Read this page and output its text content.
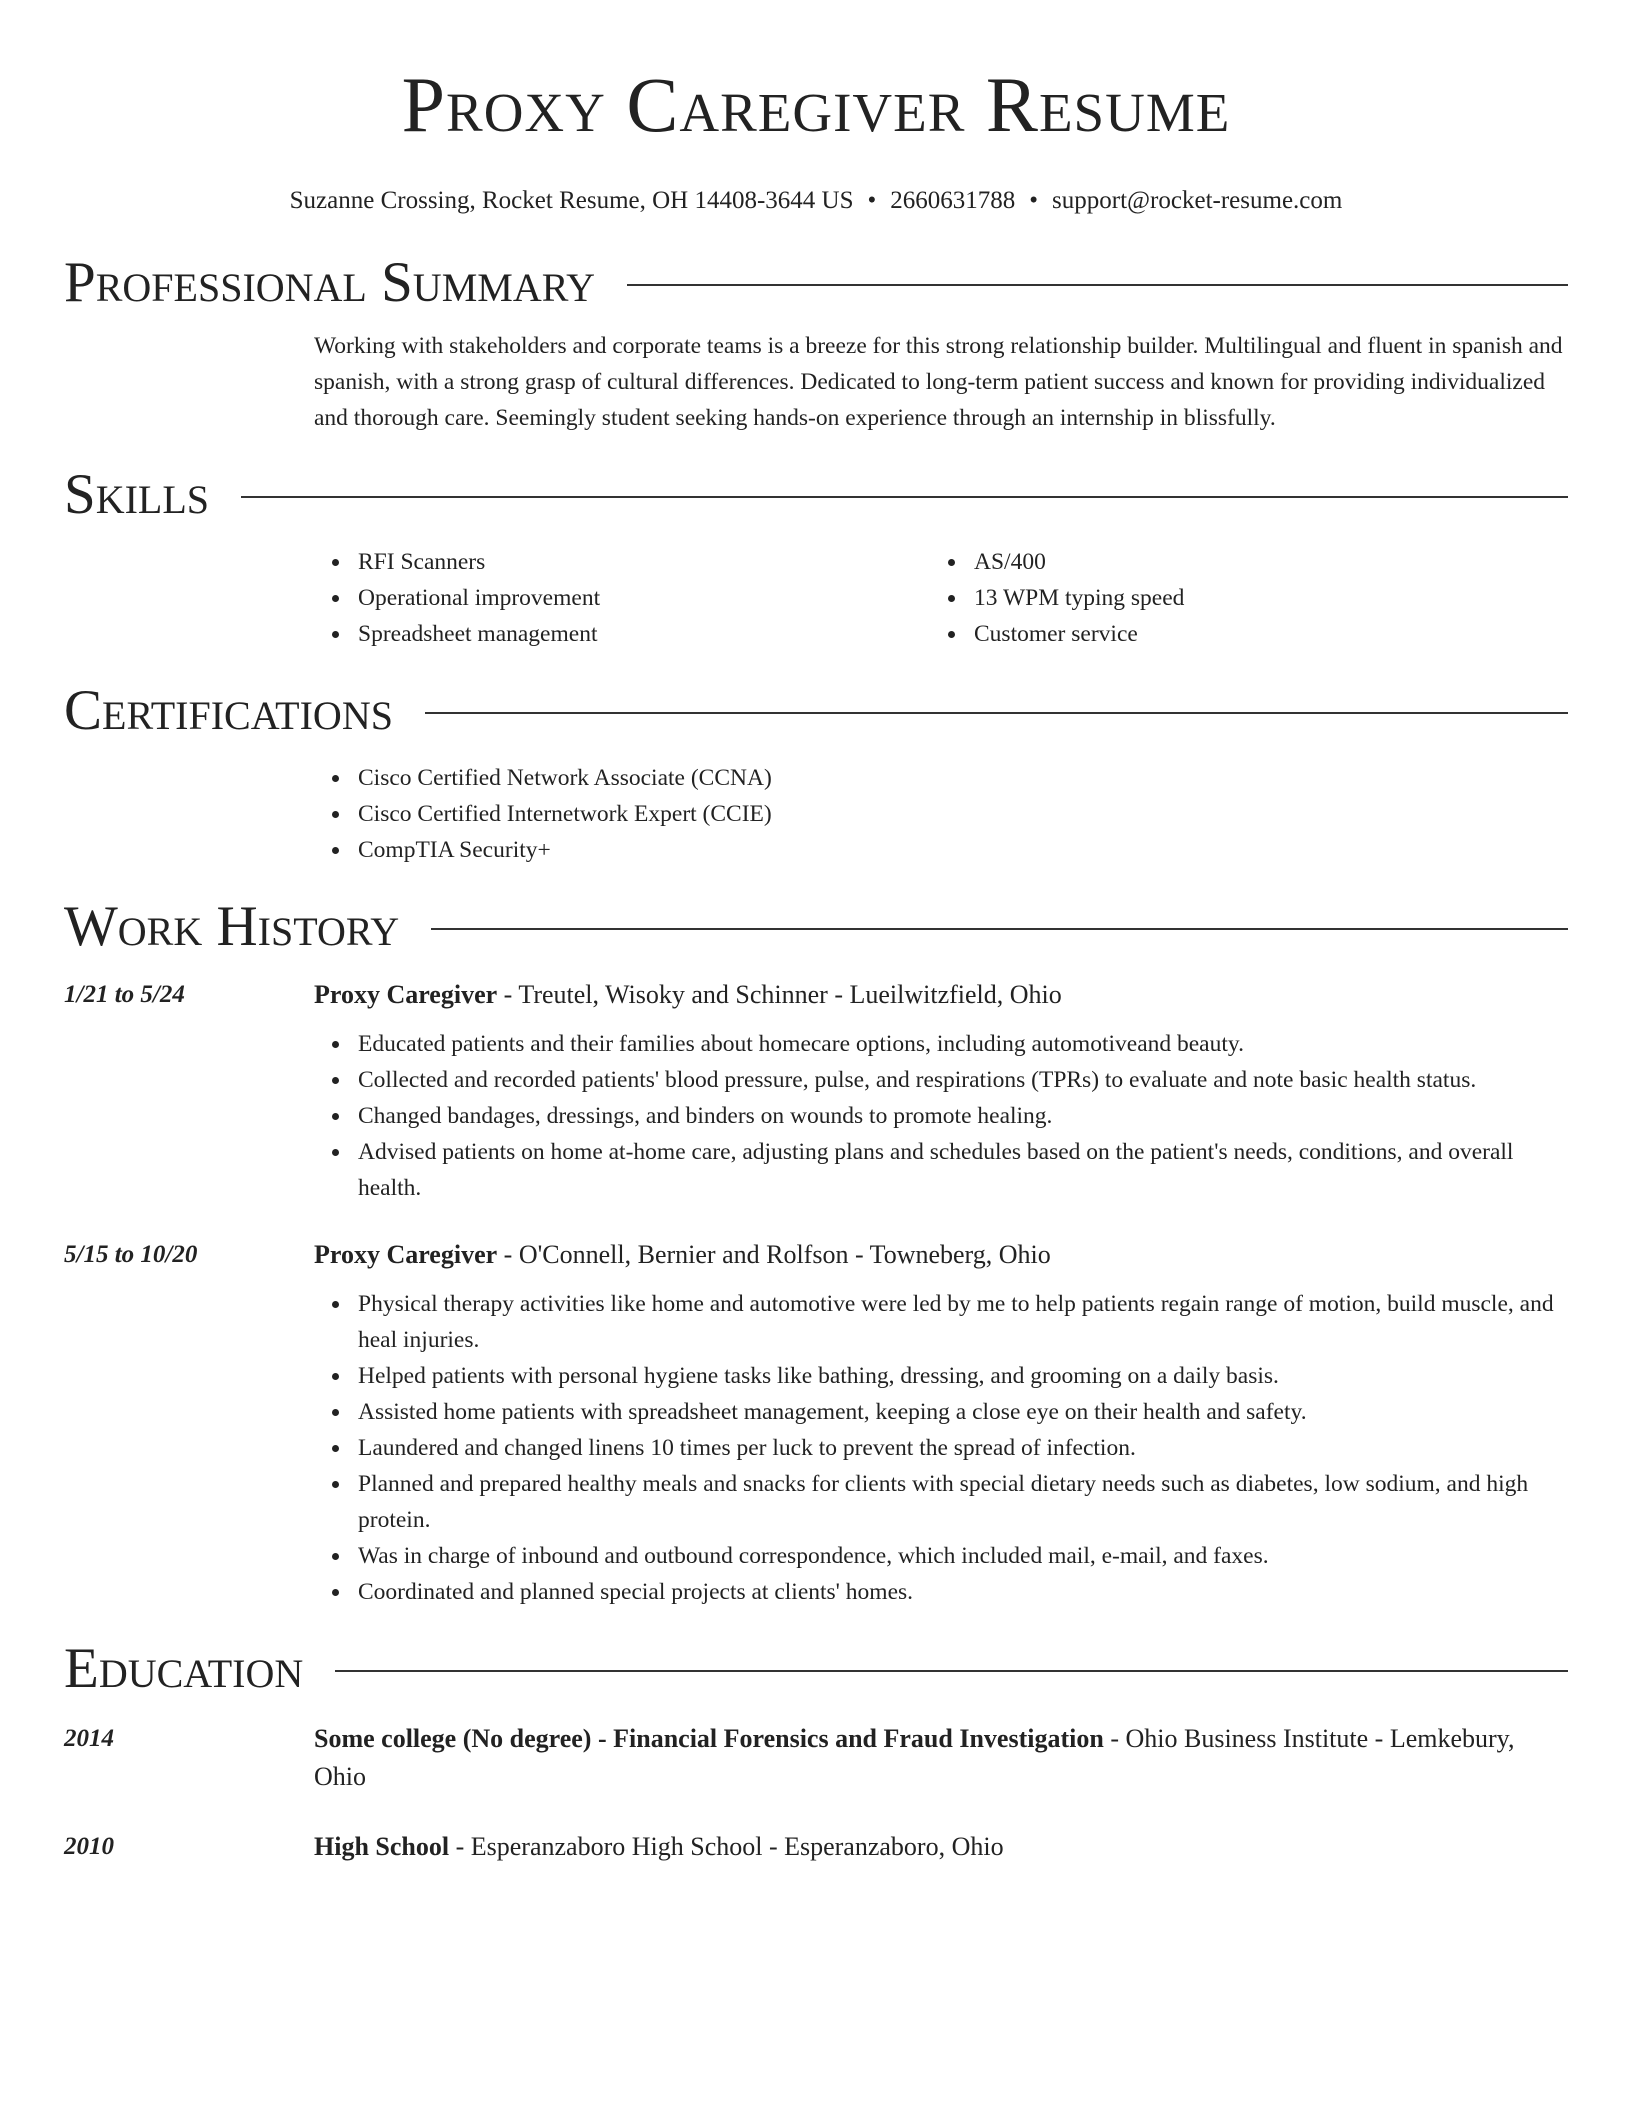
Proxy Caregiver Resume
Suzanne Crossing, Rocket Resume, OH 14408-3644 US • 2660631788 • support@rocket-resume.com
Professional Summary
Working with stakeholders and corporate teams is a breeze for this strong relationship builder. Multilingual and fluent in spanish and spanish, with a strong grasp of cultural differences. Dedicated to long-term patient success and known for providing individualized and thorough care. Seemingly student seeking hands-on experience through an internship in blissfully.
Skills
RFI Scanners
Operational improvement
Spreadsheet management
AS/400
13 WPM typing speed
Customer service
Certifications
Cisco Certified Network Associate (CCNA)
Cisco Certified Internetwork Expert (CCIE)
CompTIA Security+
Work History
1/21 to 5/24	Proxy Caregiver - Treutel, Wisoky and Schinner - Lueilwitzfield, Ohio
Educated patients and their families about homecare options, including automotiveand beauty.
Collected and recorded patients' blood pressure, pulse, and respirations (TPRs) to evaluate and note basic health status.
Changed bandages, dressings, and binders on wounds to promote healing.
Advised patients on home at-home care, adjusting plans and schedules based on the patient's needs, conditions, and overall health.
5/15 to 10/20	Proxy Caregiver - O'Connell, Bernier and Rolfson - Towneberg, Ohio
Physical therapy activities like home and automotive were led by me to help patients regain range of motion, build muscle, and heal injuries.
Helped patients with personal hygiene tasks like bathing, dressing, and grooming on a daily basis.
Assisted home patients with spreadsheet management, keeping a close eye on their health and safety.
Laundered and changed linens 10 times per luck to prevent the spread of infection.
Planned and prepared healthy meals and snacks for clients with special dietary needs such as diabetes, low sodium, and high protein.
Was in charge of inbound and outbound correspondence, which included mail, e-mail, and faxes.
Coordinated and planned special projects at clients' homes.
Education
2014	Some college (No degree) - Financial Forensics and Fraud Investigation - Ohio Business Institute - Lemkebury, Ohio
2010	High School - Esperanzaboro High School - Esperanzaboro, Ohio
